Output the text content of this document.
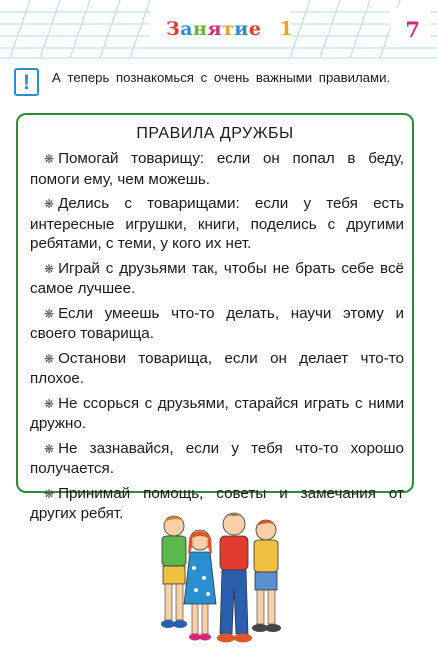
Занятие 1	7
!	А теперь познакомься с очень важными правилами.
ПРАВИЛА ДРУЖБЫ
❋ Помогай товарищу: если он попал в беду, помоги ему, чем можешь.
❋ Делись с товарищами: если у тебя есть интересные игрушки, книги, поделись с другими ребятами, с теми, у кого их нет.
❋ Играй с друзьями так, чтобы не брать себе всё самое лучшее.
❋ Если умеешь что-то делать, научи этому и своего товарища.
❋ Останови товарища, если он делает что-то плохое.
❋ Не ссорься с друзьями, старайся играть с ними дружно.
❋ Не зазнавайся, если у тебя что-то хорошо получается.
❋ Принимай помощь, советы и замечания от других ребят.
